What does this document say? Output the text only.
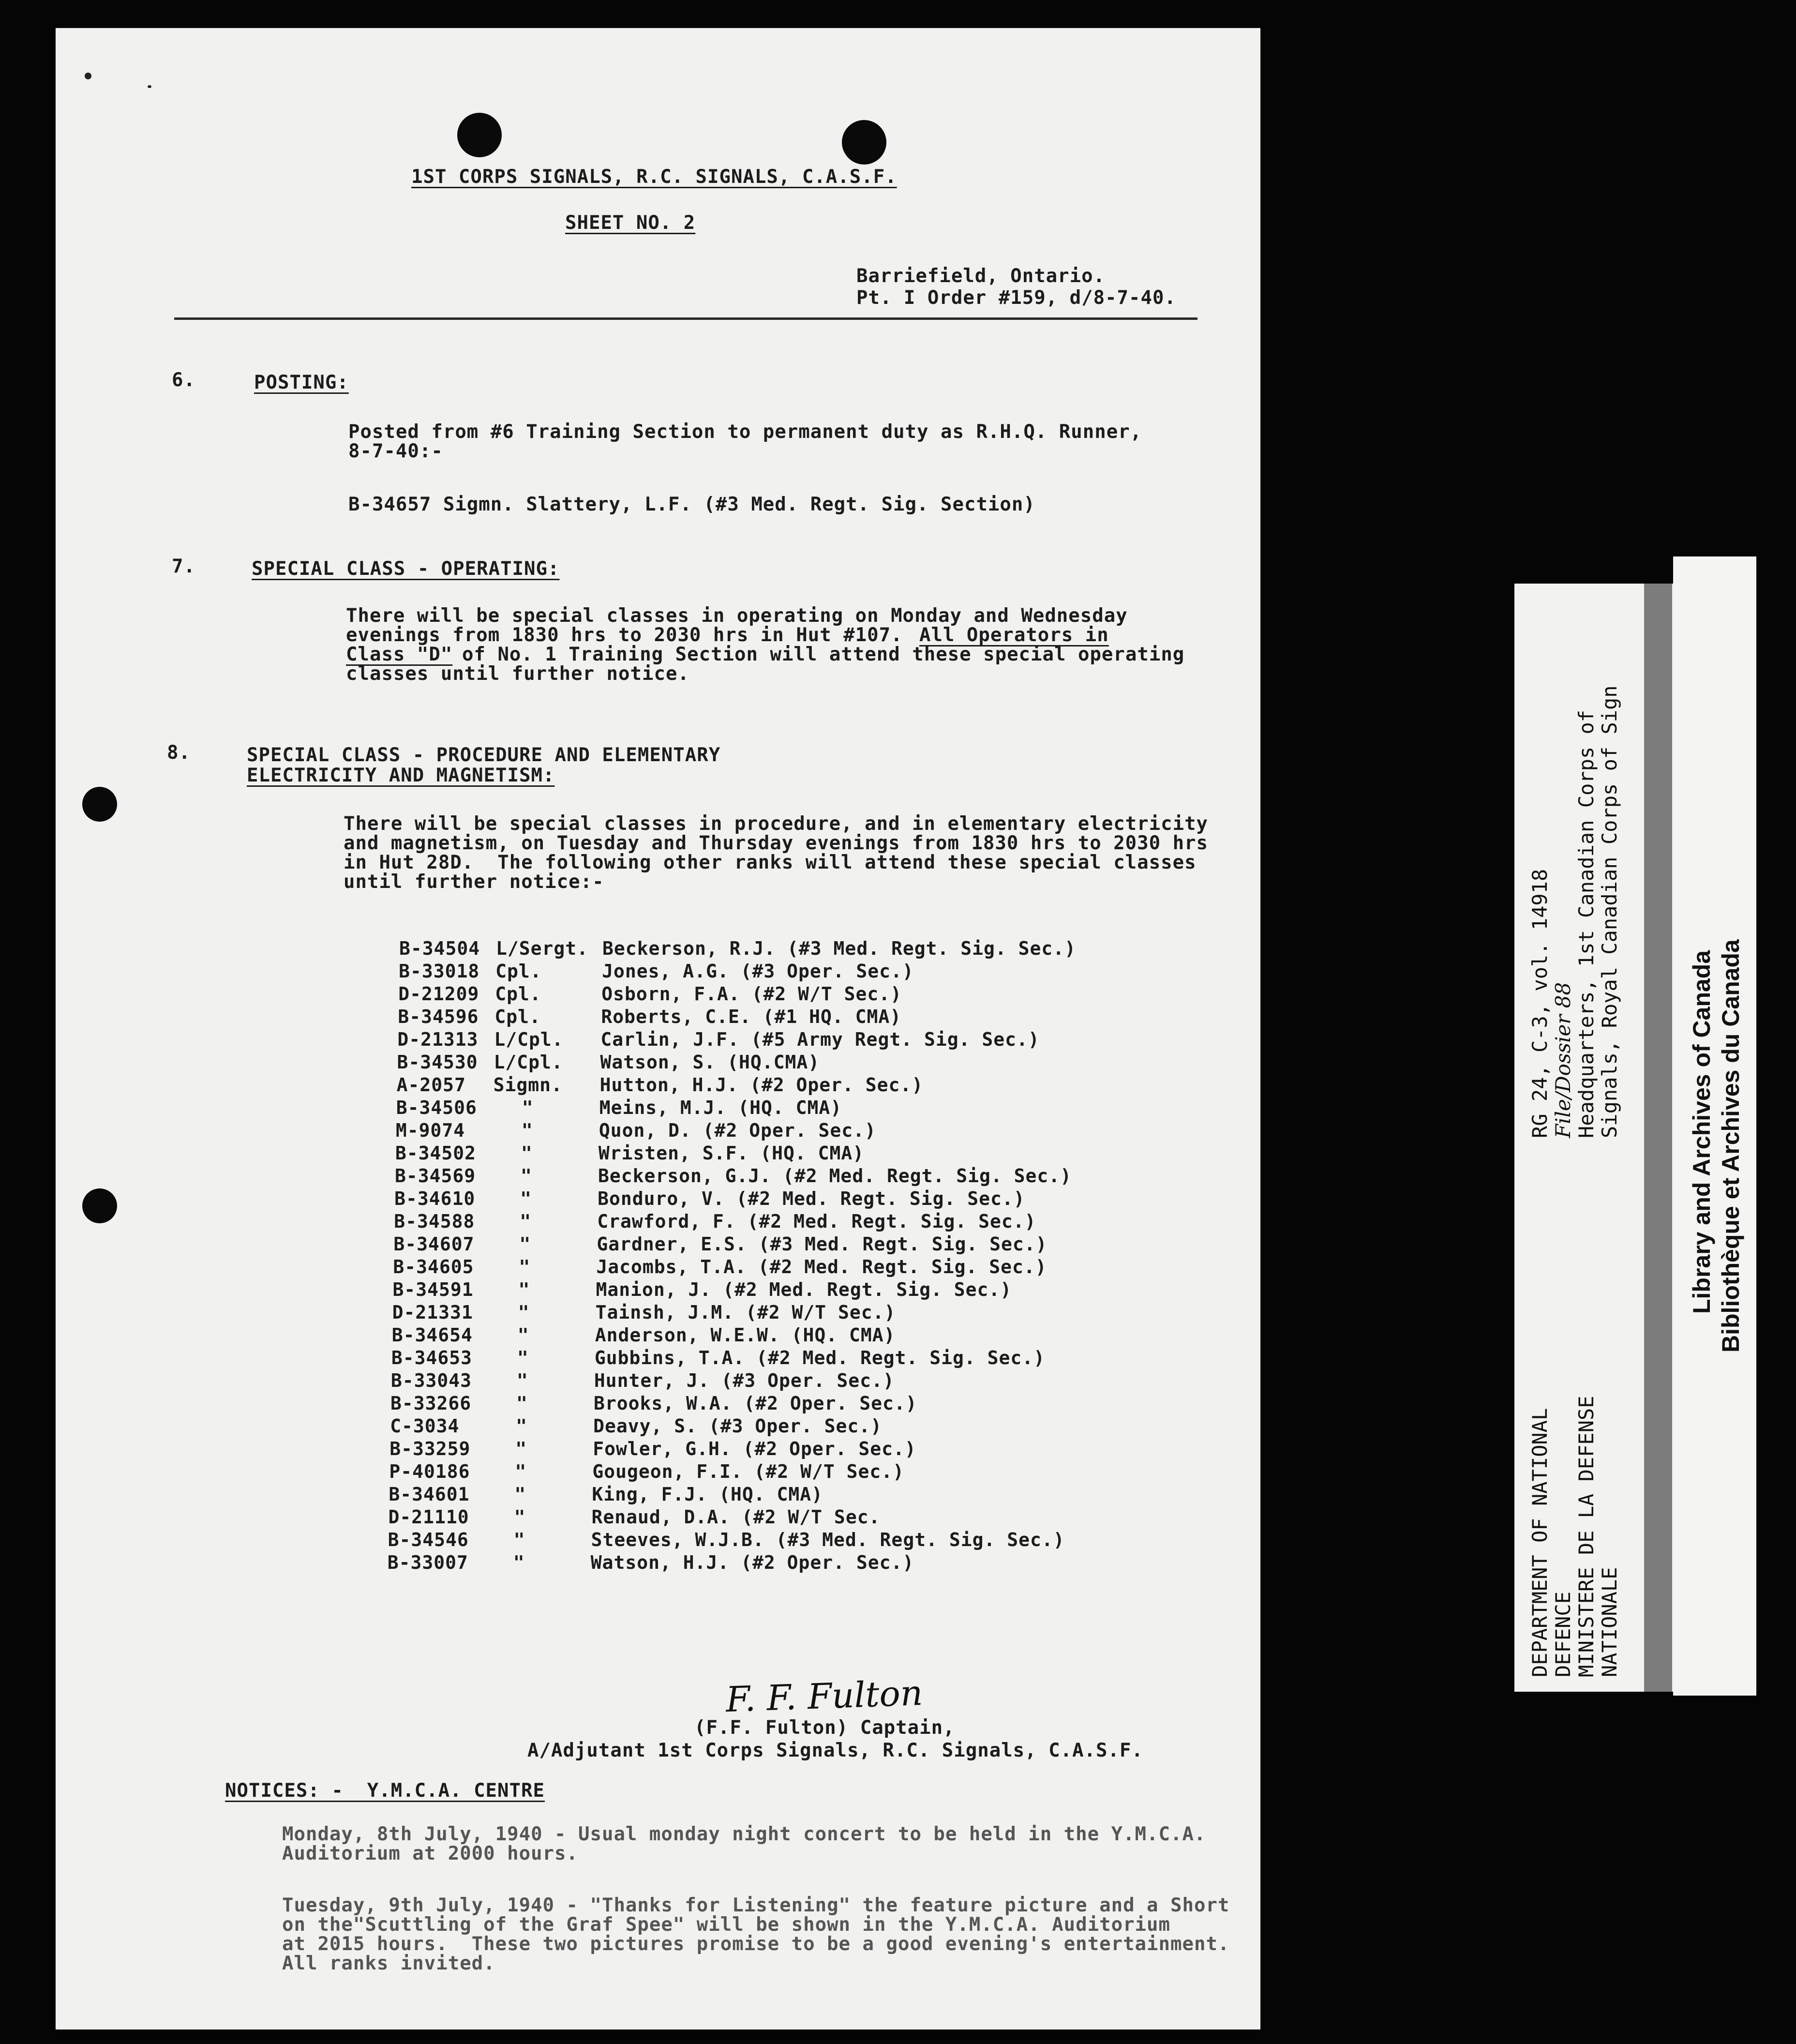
1ST CORPS SIGNALS, R.C. SIGNALS, C.A.S.F.
SHEET NO. 2
Barriefield, Ontario.
Pt. I Order #159, d/8-7-40.
6.	POSTING:
Posted from #6 Training Section to permanent duty as R.H.Q. Runner,
8-7-40:-
B-34657 Sigmn. Slattery, L.F. (#3 Med. Regt. Sig. Section)
7.	SPECIAL CLASS - OPERATING:
There will be special classes in operating on Monday and Wednesday
evenings from 1830 hrs to 2030 hrs in Hut #107. All Operators in
Class "D" of No. 1 Training Section will attend these special operating
classes until further notice.
8.	SPECIAL CLASS - PROCEDURE AND ELEMENTARY
ELECTRICITY AND MAGNETISM:
There will be special classes in procedure, and in elementary electricity
and magnetism, on Tuesday and Thursday evenings from 1830 hrs to 2030 hrs
in Hut 28D.  The following other ranks will attend these special classes
until further notice:-
B-34504 L/Sergt. Beckerson, R.J. (#3 Med. Regt. Sig. Sec.)
B-33018 Cpl.	Jones, A.G. (#3 Oper. Sec.)
D-21209 Cpl.	Osborn, F.A. (#2 W/T Sec.)
B-34596 Cpl.	Roberts, C.E. (#1 HQ. CMA)
D-21313 L/Cpl. Carlin, J.F. (#5 Army Regt. Sig. Sec.)
B-34530 L/Cpl. Watson, S. (HQ.CMA)
A-2057 Sigmn. Hutton, H.J. (#2 Oper. Sec.)
B-34506 "	Meins, M.J. (HQ. CMA)
M-9074	"	Quon, D. (#2 Oper. Sec.)
B-34502 "	Wristen, S.F. (HQ. CMA)
B-34569 "	Beckerson, G.J. (#2 Med. Regt. Sig. Sec.)
B-34610 "	Bonduro, V. (#2 Med. Regt. Sig. Sec.)
B-34588 "	Crawford, F. (#2 Med. Regt. Sig. Sec.)
B-34607 "	Gardner, E.S. (#3 Med. Regt. Sig. Sec.)
B-34605 "	Jacombs, T.A. (#2 Med. Regt. Sig. Sec.)
B-34591 "	Manion, J. (#2 Med. Regt. Sig. Sec.)
D-21331 "	Tainsh, J.M. (#2 W/T Sec.)
B-34654 "	Anderson, W.E.W. (HQ. CMA)
B-34653 "	Gubbins, T.A. (#2 Med. Regt. Sig. Sec.)
B-33043 "	Hunter, J. (#3 Oper. Sec.)
B-33266 "	Brooks, W.A. (#2 Oper. Sec.)
C-3034	"	Deavy, S. (#3 Oper. Sec.)
B-33259 "	Fowler, G.H. (#2 Oper. Sec.)
P-40186 "	Gougeon, F.I. (#2 W/T Sec.)
B-34601 "	King, F.J. (HQ. CMA)
D-21110 "	Renaud, D.A. (#2 W/T Sec.
B-34546 "	Steeves, W.J.B. (#3 Med. Regt. Sig. Sec.)
B-33007 "	Watson, H.J. (#2 Oper. Sec.)
F. F. Fulton
(F.F. Fulton) Captain,
A/Adjutant 1st Corps Signals, R.C. Signals, C.A.S.F.
NOTICES: -  Y.M.C.A. CENTRE
Monday, 8th July, 1940 - Usual monday night concert to be held in the Y.M.C.A.
Auditorium at 2000 hours.
Tuesday, 9th July, 1940 - "Thanks for Listening" the feature picture and a Short
on the"Scuttling of the Graf Spee" will be shown in the Y.M.C.A. Auditorium
at 2015 hours.  These two pictures promise to be a good evening's entertainment.
All ranks invited.
DEPARTMENT OF NATIONAL DEFENCE MINISTERE DE LA DEFENSE NATIONALE
RG 24, C-3, vol. 14918 File/Dossier 88 Headquarters, 1st Canadian Corps of Signals, Royal Canadian Corps of Sign	Library and Archives of Canada Bibliothèque et Archives du Canada
